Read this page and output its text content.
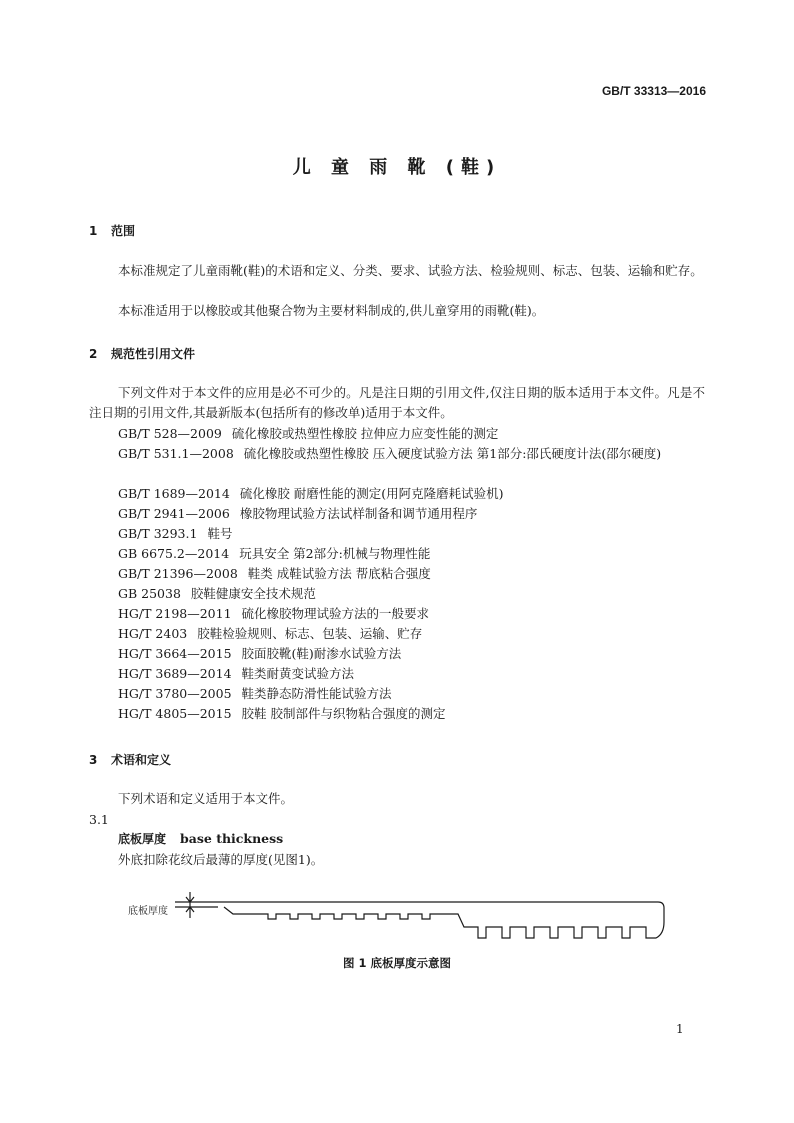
GB/T 33313—2016
儿 童 雨 靴 (鞋)
1 范围
本标准规定了儿童雨靴(鞋)的术语和定义、分类、要求、试验方法、检验规则、标志、包装、运输和贮存。
本标准适用于以橡胶或其他聚合物为主要材料制成的,供儿童穿用的雨靴(鞋)。
2 规范性引用文件
下列文件对于本文件的应用是必不可少的。凡是注日期的引用文件,仅注日期的版本适用于本文件。凡是不注日期的引用文件,其最新版本(包括所有的修改单)适用于本文件。
GB/T 528—2009 硫化橡胶或热塑性橡胶 拉伸应力应变性能的测定
GB/T 531.1—2008 硫化橡胶或热塑性橡胶 压入硬度试验方法 第1部分:邵氏硬度计法(邵尔硬度)
GB/T 1689—2014 硫化橡胶 耐磨性能的测定(用阿克隆磨耗试验机)
GB/T 2941—2006 橡胶物理试验方法试样制备和调节通用程序
GB/T 3293.1 鞋号
GB 6675.2—2014 玩具安全 第2部分:机械与物理性能
GB/T 21396—2008 鞋类 成鞋试验方法 帮底粘合强度
GB 25038 胶鞋健康安全技术规范
HG/T 2198—2011 硫化橡胶物理试验方法的一般要求
HG/T 2403 胶鞋检验规则、标志、包装、运输、贮存
HG/T 3664—2015 胶面胶靴(鞋)耐渗水试验方法
HG/T 3689—2014 鞋类耐黄变试验方法
HG/T 3780—2005 鞋类静态防滑性能试验方法
HG/T 4805—2015 胶鞋 胶制部件与织物粘合强度的测定
3 术语和定义
下列术语和定义适用于本文件。
3.1
底板厚度 base thickness
外底扣除花纹后最薄的厚度(见图1)。
底板厚度
图 1 底板厚度示意图
1
